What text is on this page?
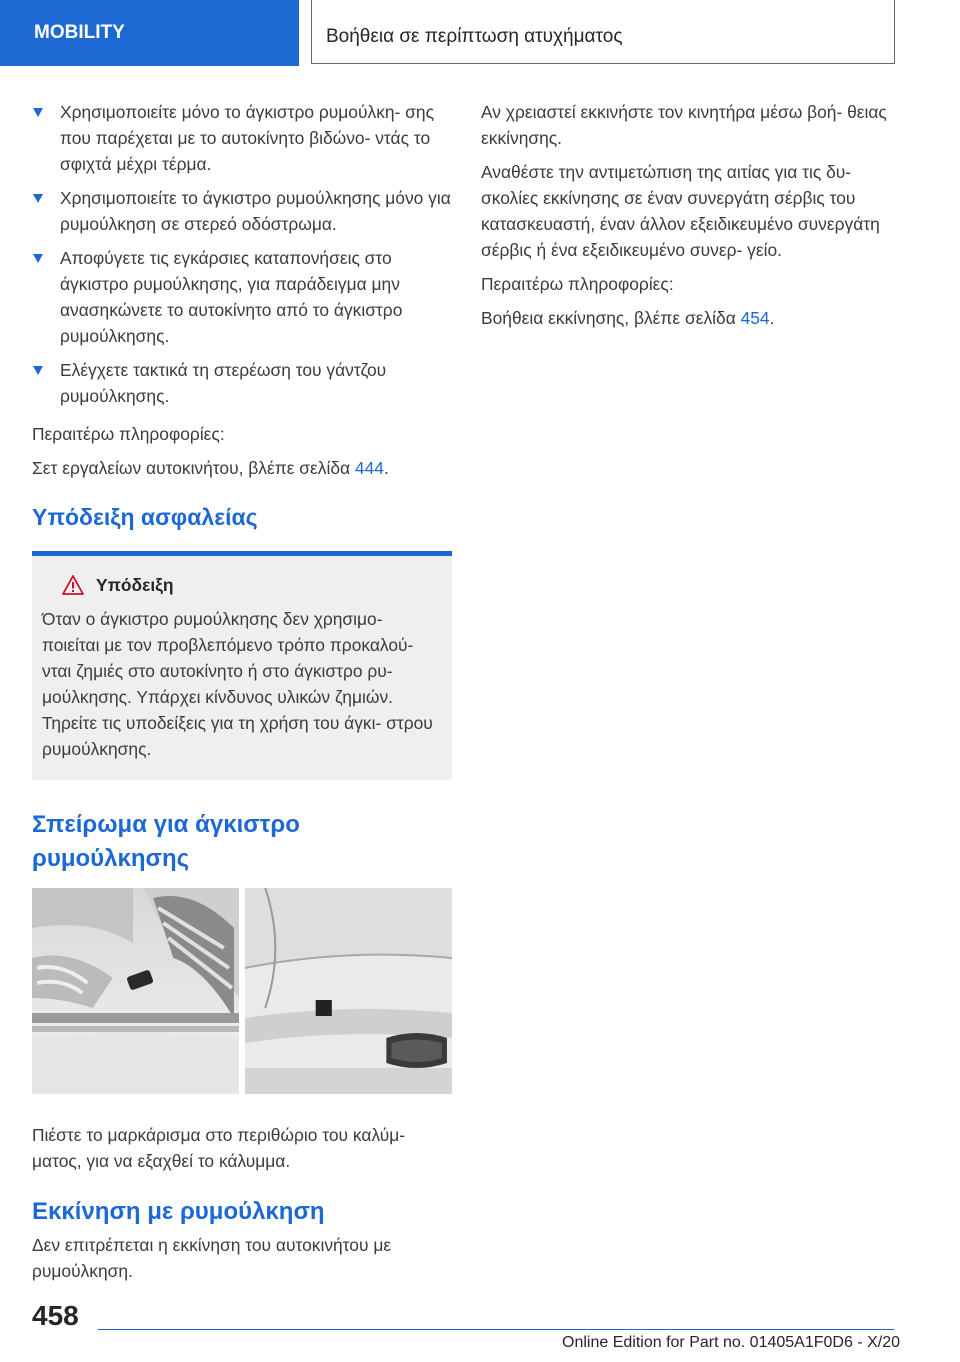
MOBILITY	Βοήθεια σε περίπτωση ατυχήματος
Χρησιμοποιείτε μόνο το άγκιστρο ρυμούλκη- σης που παρέχεται με το αυτοκίνητο βιδώνο- ντάς το σφιχτά μέχρι τέρμα.
Χρησιμοποιείτε το άγκιστρο ρυμούλκησης μόνο για ρυμούλκηση σε στερεό οδόστρωμα.
Αποφύγετε τις εγκάρσιες καταπονήσεις στο άγκιστρο ρυμούλκησης, για παράδειγμα μην ανασηκώνετε το αυτοκίνητο από το άγκιστρο ρυμούλκησης.
Ελέγχετε τακτικά τη στερέωση του γάντζου ρυμούλκησης.

Περαιτέρω πληροφορίες:

Σετ εργαλείων αυτοκινήτου, βλέπε σελίδα 444.

Υπόδειξη ασφαλείας
Υπόδειξη
Όταν ο άγκιστρο ρυμούλκησης δεν χρησιμο- ποιείται με τον προβλεπόμενο τρόπο προκαλού- νται ζημιές στο αυτοκίνητο ή στο άγκιστρο ρυ- μούλκησης. Υπάρχει κίνδυνος υλικών ζημιών. Τηρείτε τις υποδείξεις για τη χρήση του άγκι- στρου ρυμούλκησης.
Σπείρωμα για άγκιστρο ρυμούλκησης

Πιέστε το μαρκάρισμα στο περιθώριο του καλύμ- ματος, για να εξαχθεί το κάλυμμα.

Εκκίνηση με ρυμούλκηση

Δεν επιτρέπεται η εκκίνηση του αυτοκινήτου με ρυμούλκηση.

Αν χρειαστεί εκκινήστε τον κινητήρα μέσω βοή- θειας εκκίνησης.

Αναθέστε την αντιμετώπιση της αιτίας για τις δυ- σκολίες εκκίνησης σε έναν συνεργάτη σέρβις του κατασκευαστή, έναν άλλον εξειδικευμένο συνεργάτη σέρβις ή ένα εξειδικευμένο συνερ- γείο.

Περαιτέρω πληροφορίες:

Βοήθεια εκκίνησης, βλέπε σελίδα 454.

458
Online Edition for Part no. 01405A1F0D6 - X/20
